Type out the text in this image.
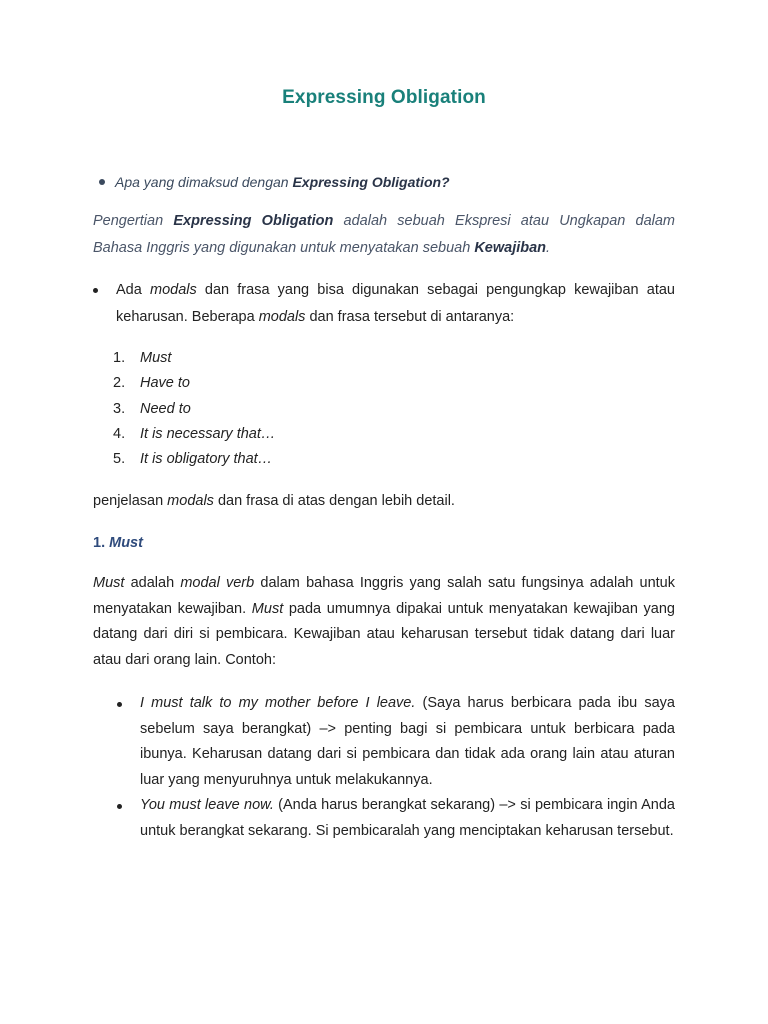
Expressing Obligation
Apa yang dimaksud dengan Expressing Obligation?
Pengertian Expressing Obligation adalah sebuah Ekspresi atau Ungkapan dalam Bahasa Inggris yang digunakan untuk menyatakan sebuah Kewajiban.
Ada modals dan frasa yang bisa digunakan sebagai pengungkap kewajiban atau keharusan. Beberapa modals dan frasa tersebut di antaranya:
1. Must
2. Have to
3. Need to
4. It is necessary that…
5. It is obligatory that…
penjelasan modals dan frasa di atas dengan lebih detail.
1. Must
Must adalah modal verb dalam bahasa Inggris yang salah satu fungsinya adalah untuk menyatakan kewajiban. Must pada umumnya dipakai untuk menyatakan kewajiban yang datang dari diri si pembicara. Kewajiban atau keharusan tersebut tidak datang dari luar atau dari orang lain. Contoh:
I must talk to my mother before I leave. (Saya harus berbicara pada ibu saya sebelum saya berangkat) –> penting bagi si pembicara untuk berbicara pada ibunya. Keharusan datang dari si pembicara dan tidak ada orang lain atau aturan luar yang menyuruhnya untuk melakukannya.
You must leave now. (Anda harus berangkat sekarang) –> si pembicara ingin Anda untuk berangkat sekarang. Si pembicaralah yang menciptakan keharusan tersebut.
